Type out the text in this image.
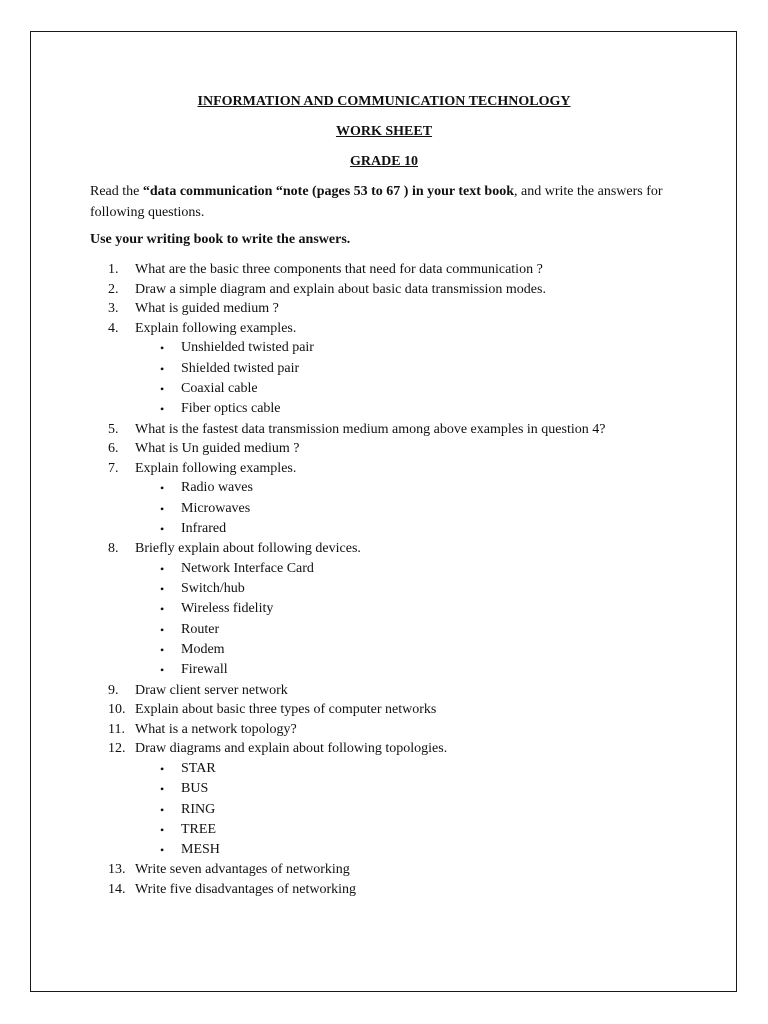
INFORMATION AND COMMUNICATION TECHNOLOGY
WORK SHEET
GRADE 10
Read the “data communication “note (pages 53 to 67 ) in your text book, and write the answers for following questions.
Use your writing book to write the answers.
1. What are the basic three components that need for data communication ?
2. Draw a simple diagram and explain about basic data transmission modes.
3. What is guided medium ?
4. Explain following examples.
• Unshielded twisted pair
• Shielded twisted pair
• Coaxial cable
• Fiber optics cable
5. What is the fastest data transmission medium among above examples in question 4?
6. What is Un guided medium ?
7. Explain following examples.
• Radio waves
• Microwaves
• Infrared
8. Briefly explain about following devices.
• Network Interface Card
• Switch/hub
• Wireless fidelity
• Router
• Modem
• Firewall
9. Draw client server network
10. Explain about basic three types of computer networks
11. What is a network topology?
12. Draw diagrams and explain about following topologies.
• STAR
• BUS
• RING
• TREE
• MESH
13. Write seven advantages of networking
14. Write five disadvantages of networking
